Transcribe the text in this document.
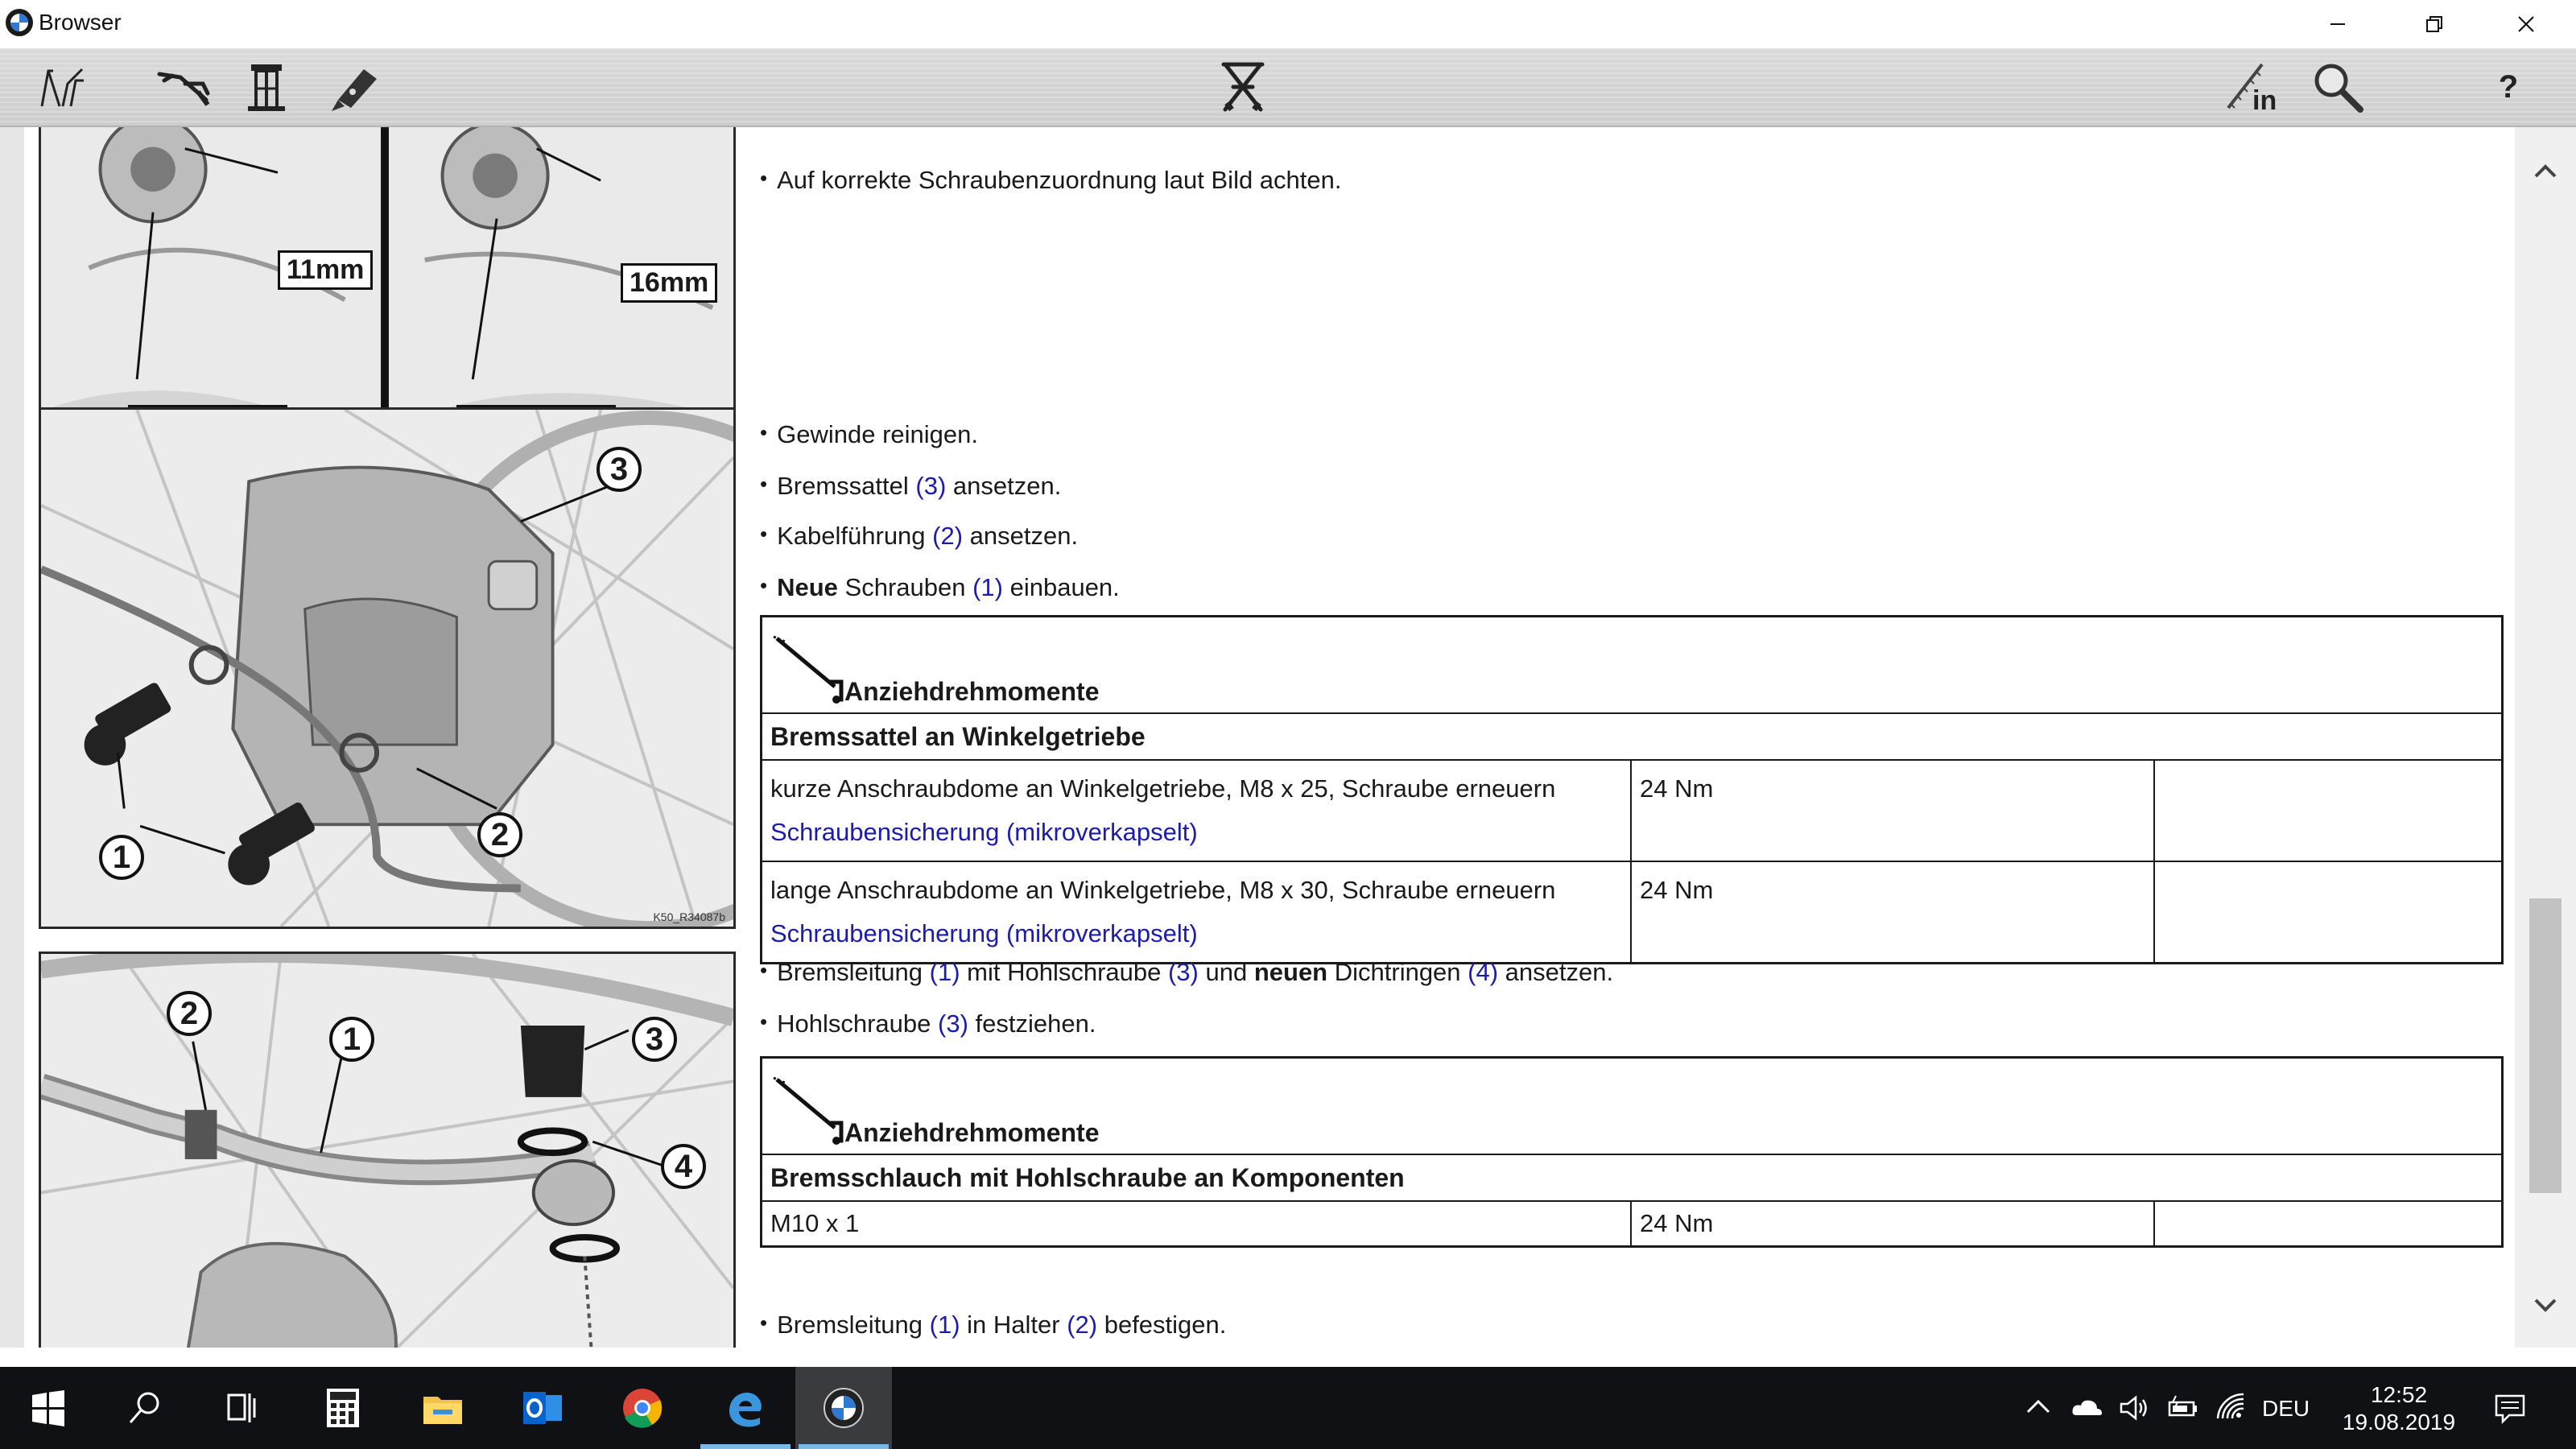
Browser
in	?
11mm	16mm
3
2
1
K50_R34087b
2
1	3
4
• Auf korrekte Schraubenzuordnung laut Bild achten.
• Gewinde reinigen.
• Bremssattel (3) ansetzen.
• Kabelführung (2) ansetzen.
• Neue Schrauben (1) einbauen.
Anziehdrehmomente
Bremssattel an Winkelgetriebe
kurze Anschraubdome an Winkelgetriebe, M8 x 25, Schraube erneuern
Schraubensicherung (mikroverkapselt)
24 Nm
lange Anschraubdome an Winkelgetriebe, M8 x 30, Schraube erneuern
Schraubensicherung (mikroverkapselt)
24 Nm
• Bremsleitung (1) mit Hohlschraube (3) und neuen Dichtringen (4) ansetzen.
• Hohlschraube (3) festziehen.
Anziehdrehmomente
Bremsschlauch mit Hohlschraube an Komponenten
M10 x 1	24 Nm
• Bremsleitung (1) in Halter (2) befestigen.
DEU
12:52
19.08.2019
